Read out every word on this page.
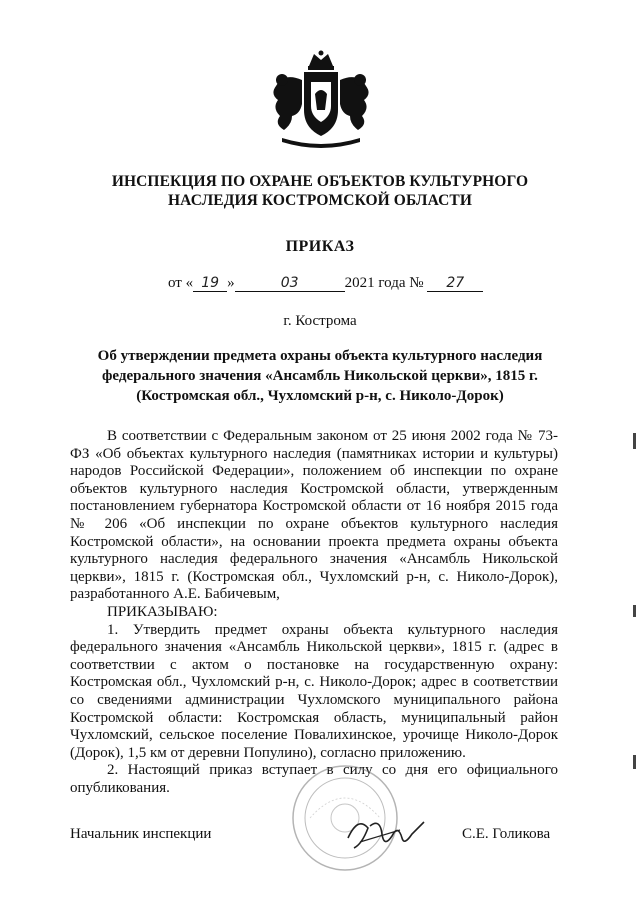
ИНСПЕКЦИЯ ПО ОХРАНЕ ОБЪЕКТОВ КУЛЬТУРНОГО
НАСЛЕДИЯ КОСТРОМСКОЙ ОБЛАСТИ
ПРИКАЗ
от « 19 »	03	2021 года № 27
г. Кострома
Об утверждении предмета охраны объекта культурного наследия
федерального значения «Ансамбль Никольской церкви», 1815 г.
(Костромская обл., Чухломский р-н, с. Николо-Дорок)

В соответствии с Федеральным законом от 25 июня 2002 года № 73-ФЗ «Об объектах культурного наследия (памятниках истории и культуры) народов Российской Федерации», положением об инспекции по охране объектов культурного наследия Костромской области, утвержденным постановлением губернатора Костромской области от 16 ноября 2015 года № 206 «Об инспекции по охране объектов культурного наследия Костромской области», на основании проекта предмета охраны объекта культурного наследия федерального значения «Ансамбль Никольской церкви», 1815 г. (Костромская обл., Чухломский р-н, с. Николо-Дорок), разработанного А.Е. Бабичевым,

ПРИКАЗЫВАЮ:

1. Утвердить предмет охраны объекта культурного наследия федерального значения «Ансамбль Никольской церкви», 1815 г. (адрес в соответствии с актом о постановке на государственную охрану: Костромская обл., Чухломский р-н, с. Николо-Дорок; адрес в соответствии со сведениями администрации Чухломского муниципального района Костромской области: Костромская область, муниципальный район Чухломский, сельское поселение Повалихинское, урочище Николо-Дорок (Дорок), 1,5 км от деревни Популино), согласно приложению.

2. Настоящий приказ вступает в силу со дня его официального опубликования.

Начальник инспекции	С.Е. Голикова
